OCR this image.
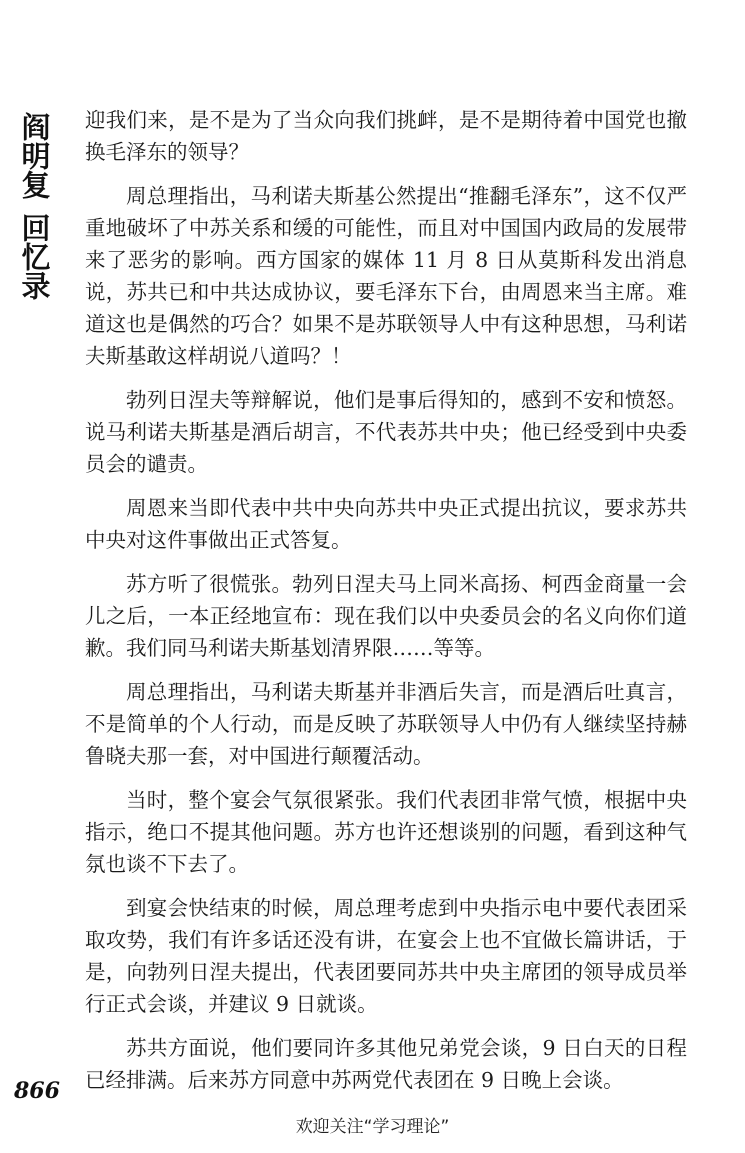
阎明复
回忆录

迎我们来，是不是为了当众向我们挑衅，是不是期待着中国党也撤换毛泽东的领导？

周总理指出，马利诺夫斯基公然提出“推翻毛泽东”，这不仅严重地破坏了中苏关系和缓的可能性，而且对中国国内政局的发展带来了恶劣的影响。西方国家的媒体 11 月 8 日从莫斯科发出消息说，苏共已和中共达成协议，要毛泽东下台，由周恩来当主席。难道这也是偶然的巧合？如果不是苏联领导人中有这种思想，马利诺夫斯基敢这样胡说八道吗？！

勃列日涅夫等辩解说，他们是事后得知的，感到不安和愤怒。说马利诺夫斯基是酒后胡言，不代表苏共中央；他已经受到中央委员会的谴责。

周恩来当即代表中共中央向苏共中央正式提出抗议，要求苏共中央对这件事做出正式答复。

苏方听了很慌张。勃列日涅夫马上同米高扬、柯西金商量一会儿之后，一本正经地宣布：现在我们以中央委员会的名义向你们道歉。我们同马利诺夫斯基划清界限……等等。

周总理指出，马利诺夫斯基并非酒后失言，而是酒后吐真言，不是简单的个人行动，而是反映了苏联领导人中仍有人继续坚持赫鲁晓夫那一套，对中国进行颠覆活动。

当时，整个宴会气氛很紧张。我们代表团非常气愤，根据中央指示，绝口不提其他问题。苏方也许还想谈别的问题，看到这种气氛也谈不下去了。

到宴会快结束的时候，周总理考虑到中央指示电中要代表团采取攻势，我们有许多话还没有讲，在宴会上也不宜做长篇讲话，于是，向勃列日涅夫提出，代表团要同苏共中央主席团的领导成员举行正式会谈，并建议 9 日就谈。

苏共方面说，他们要同许多其他兄弟党会谈，9 日白天的日程已经排满。后来苏方同意中苏两党代表团在 9 日晚上会谈。

866
欢迎关注“学习理论”
